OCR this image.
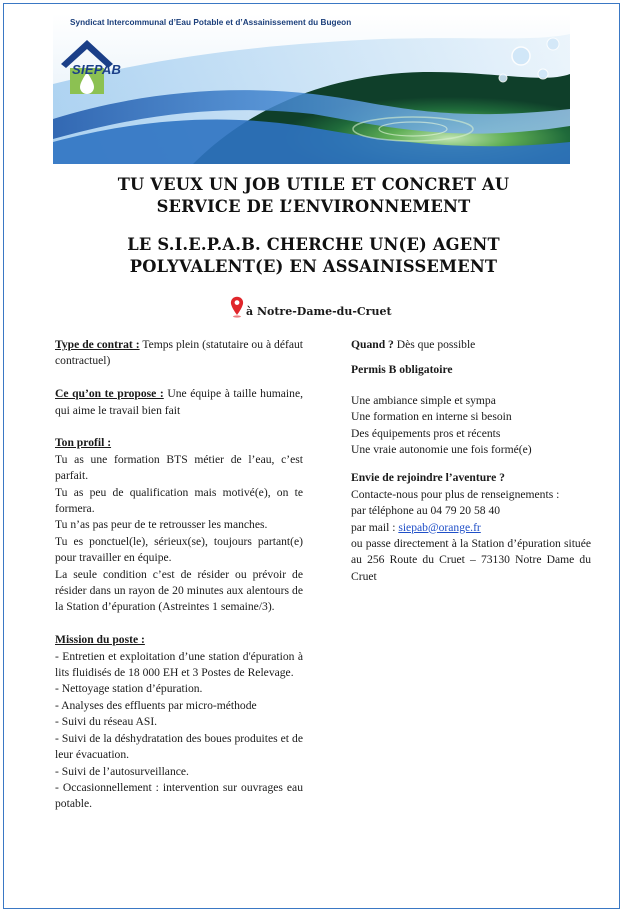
Syndicat Intercommunal d’Eau Potable et d’Assainissement du Bugeon
SIEPAB
TU VEUX UN JOB UTILE ET CONCRET AU
SERVICE DE L’ENVIRONNEMENT
LE S.I.E.P.A.B. CHERCHE UN(E) AGENT
POLYVALENT(E) EN ASSAINISSEMENT
à Notre-Dame-du-Cruet

Type de contrat : Temps plein (statutaire ou à défaut contractuel)

Ce qu’on te propose : Une équipe à taille humaine, qui aime le travail bien fait

Ton profil :

Tu as une formation BTS métier de l’eau, c’est parfait.

Tu as peu de qualification mais motivé(e), on te formera.

Tu n’as pas peur de te retrousser les manches.

Tu es ponctuel(le), sérieux(se), toujours partant(e) pour travailler en équipe.

La seule condition c’est de résider ou prévoir de résider dans un rayon de 20 minutes aux alentours de la Station d’épuration (Astreintes 1 semaine/3).

Mission du poste :

- Entretien et exploitation d’une station d'épuration à lits fluidisés de 18 000 EH et 3 Postes de Relevage.

- Nettoyage station d’épuration.

- Analyses des effluents par micro-méthode

- Suivi du réseau ASI.

- Suivi de la déshydratation des boues produites et de leur évacuation.

- Suivi de l’autosurveillance.

- Occasionnellement : intervention sur ouvrages eau potable.

Quand ? Dès que possible

Permis B obligatoire

Une ambiance simple et sympa

Une formation en interne si besoin

Des équipements pros et récents

Une vraie autonomie une fois formé(e)

Envie de rejoindre l’aventure ?

Contacte-nous pour plus de renseignements :

par téléphone au 04 79 20 58 40

par mail : siepab@orange.fr

ou passe directement à la Station d’épuration située au 256 Route du Cruet – 73130 Notre Dame du Cruet
